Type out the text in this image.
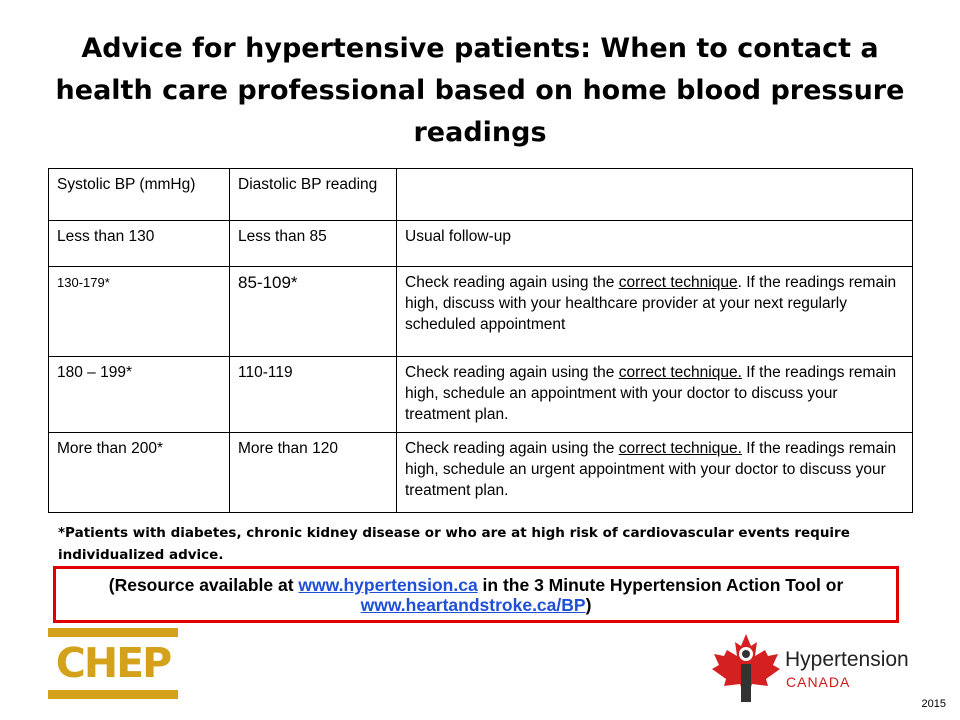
Advice for hypertensive patients: When to contact a health care professional based on home blood pressure readings
Systolic BP (mmHg)	Diastolic BP reading	
Less than 130	Less than 85	Usual follow-up
130-179*	85-109*	Check reading again using the correct technique. If the readings remain high, discuss with your healthcare provider at your next regularly scheduled appointment
180 – 199*	110-119	Check reading again using the correct technique. If the readings remain high, schedule an appointment with your doctor to discuss your treatment plan.
More than 200*	More than 120	Check reading again using the correct technique. If the readings remain high, schedule an urgent appointment with your doctor to discuss your treatment plan.
*Patients with diabetes, chronic kidney disease or who are at high risk of cardiovascular events require individualized advice.
(Resource available at www.hypertension.ca in the 3 Minute Hypertension Action Tool or www.heartandstroke.ca/BP)
CHEP	Hypertension
CANADA
2015
